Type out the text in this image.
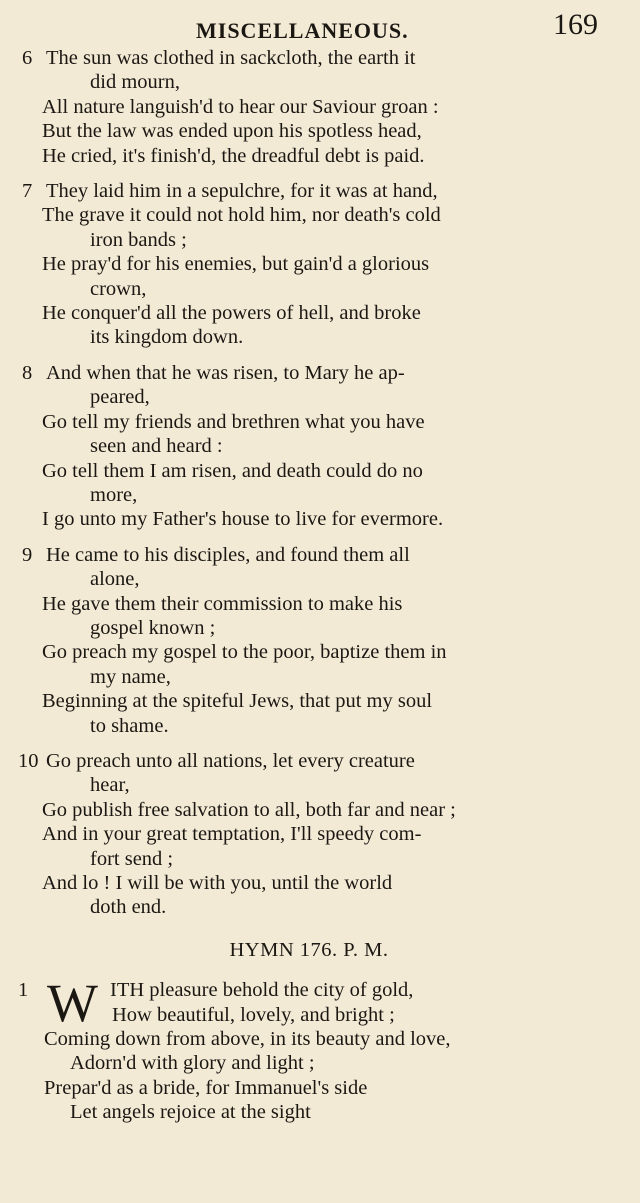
MISCELLANEOUS.	169
6 The sun was clothed in sackcloth, the earth it
did mourn,
All nature languish'd to hear our Saviour groan :
But the law was ended upon his spotless head,
He cried, it's finish'd, the dreadful debt is paid.
7 They laid him in a sepulchre, for it was at hand,
The grave it could not hold him, nor death's cold
iron bands ;
He pray'd for his enemies, but gain'd a glorious
crown,
He conquer'd all the powers of hell, and broke
its kingdom down.
8 And when that he was risen, to Mary he ap-
peared,
Go tell my friends and brethren what you have
seen and heard :
Go tell them I am risen, and death could do no
more,
I go unto my Father's house to live for evermore.
9 He came to his disciples, and found them all
alone,
He gave them their commission to make his
gospel known ;
Go preach my gospel to the poor, baptize them in
my name,
Beginning at the spiteful Jews, that put my soul
to shame.
10 Go preach unto all nations, let every creature
hear,
Go publish free salvation to all, both far and near ;
And in your great temptation, I'll speedy com-
fort send ;
And lo ! I will be with you, until the world
doth end.
HYMN 176. P. M.
1 W ITH pleasure behold the city of gold,
How beautiful, lovely, and bright ;
Coming down from above, in its beauty and love,
Adorn'd with glory and light ;
Prepar'd as a bride, for Immanuel's side
Let angels rejoice at the sight
